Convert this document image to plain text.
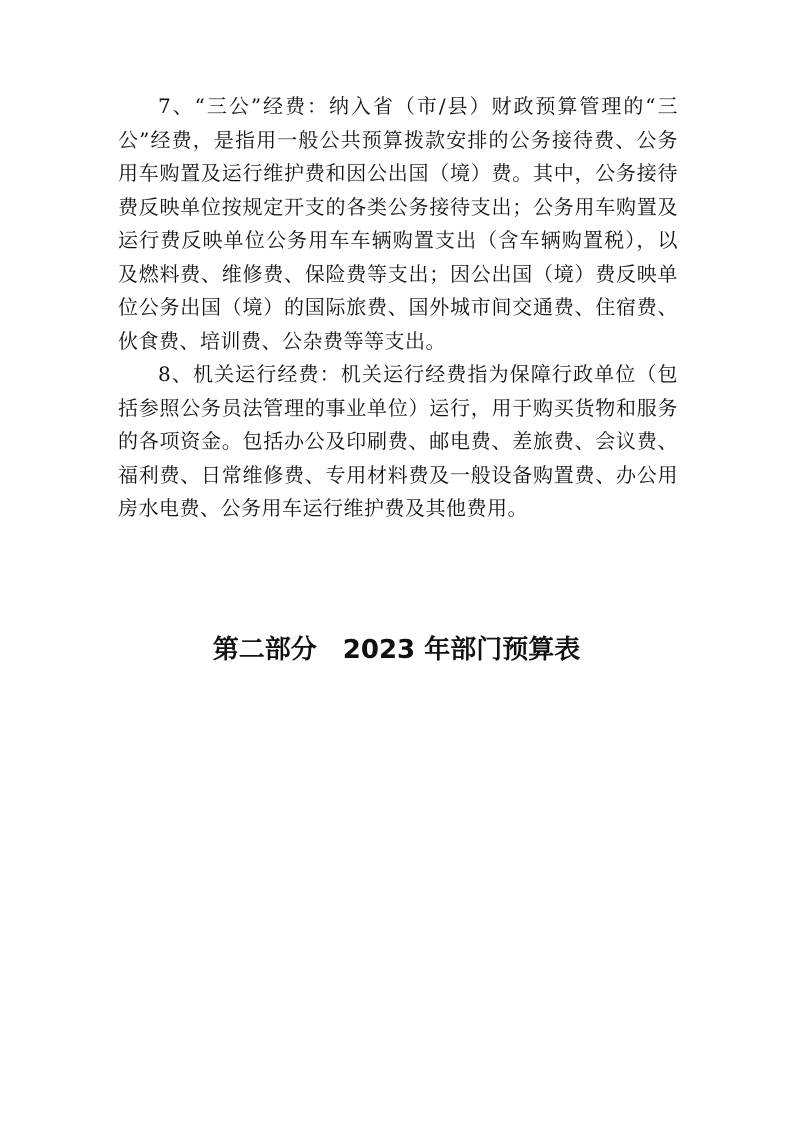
7、“三公”经费：纳入省（市/县）财政预算管理的“三公”经费，是指用一般公共预算拨款安排的公务接待费、公务用车购置及运行维护费和因公出国（境）费。其中，公务接待费反映单位按规定开支的各类公务接待支出；公务用车购置及运行费反映单位公务用车车辆购置支出（含车辆购置税），以及燃料费、维修费、保险费等支出；因公出国（境）费反映单位公务出国（境）的国际旅费、国外城市间交通费、住宿费、伙食费、培训费、公杂费等等支出。

8、机关运行经费：机关运行经费指为保障行政单位（包括参照公务员法管理的事业单位）运行，用于购买货物和服务的各项资金。包括办公及印刷费、邮电费、差旅费、会议费、福利费、日常维修费、专用材料费及一般设备购置费、办公用房水电费、公务用车运行维护费及其他费用。

第二部分　2023 年部门预算表
